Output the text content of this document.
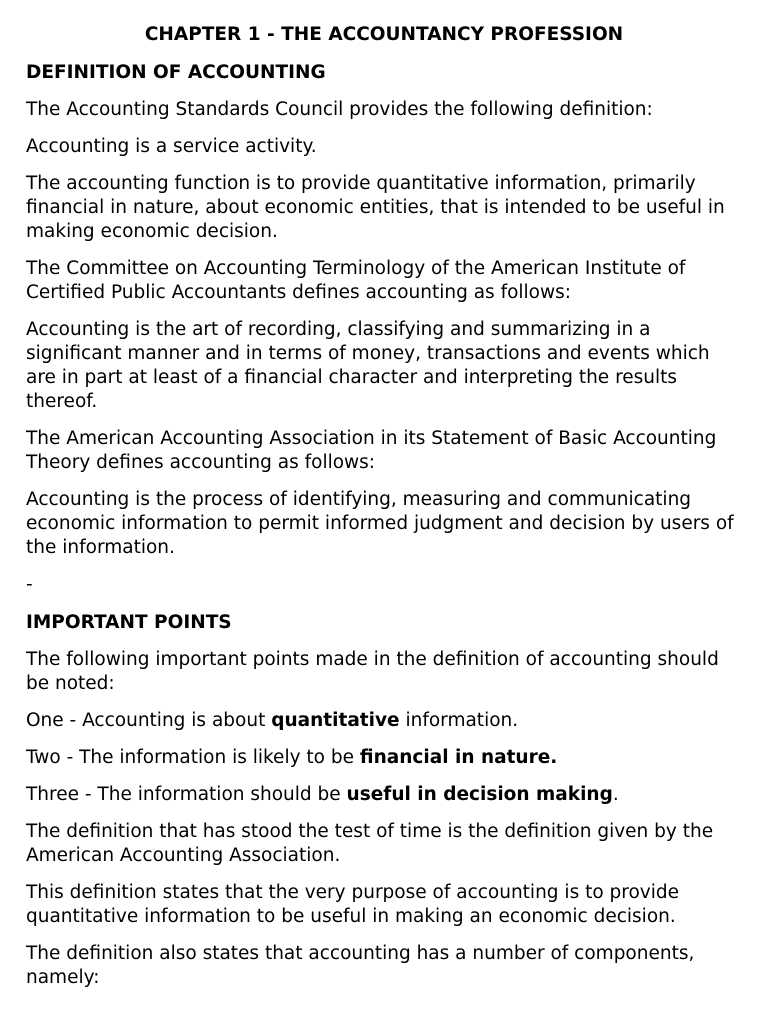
CHAPTER 1 - THE ACCOUNTANCY PROFESSION
DEFINITION OF ACCOUNTING

The Accounting Standards Council provides the following definition:

Accounting is a service activity.

The accounting function is to provide quantitative information, primarily financial in nature, about economic entities, that is intended to be useful in making economic decision.

The Committee on Accounting Terminology of the American Institute of Certified Public Accountants defines accounting as follows:

Accounting is the art of recording, classifying and summarizing in a significant manner and in terms of money, transactions and events which are in part at least of a financial character and interpreting the results thereof.

The American Accounting Association in its Statement of Basic Accounting Theory defines accounting as follows:

Accounting is the process of identifying, measuring and communicating economic information to permit informed judgment and decision by users of the information.

-

IMPORTANT POINTS

The following important points made in the definition of accounting should be noted:

One - Accounting is about quantitative information.

Two - The information is likely to be financial in nature.

Three - The information should be useful in decision making.

The definition that has stood the test of time is the definition given by the American Accounting Association.

This definition states that the very purpose of accounting is to provide quantitative information to be useful in making an economic decision.

The definition also states that accounting has a number of components, namely:
